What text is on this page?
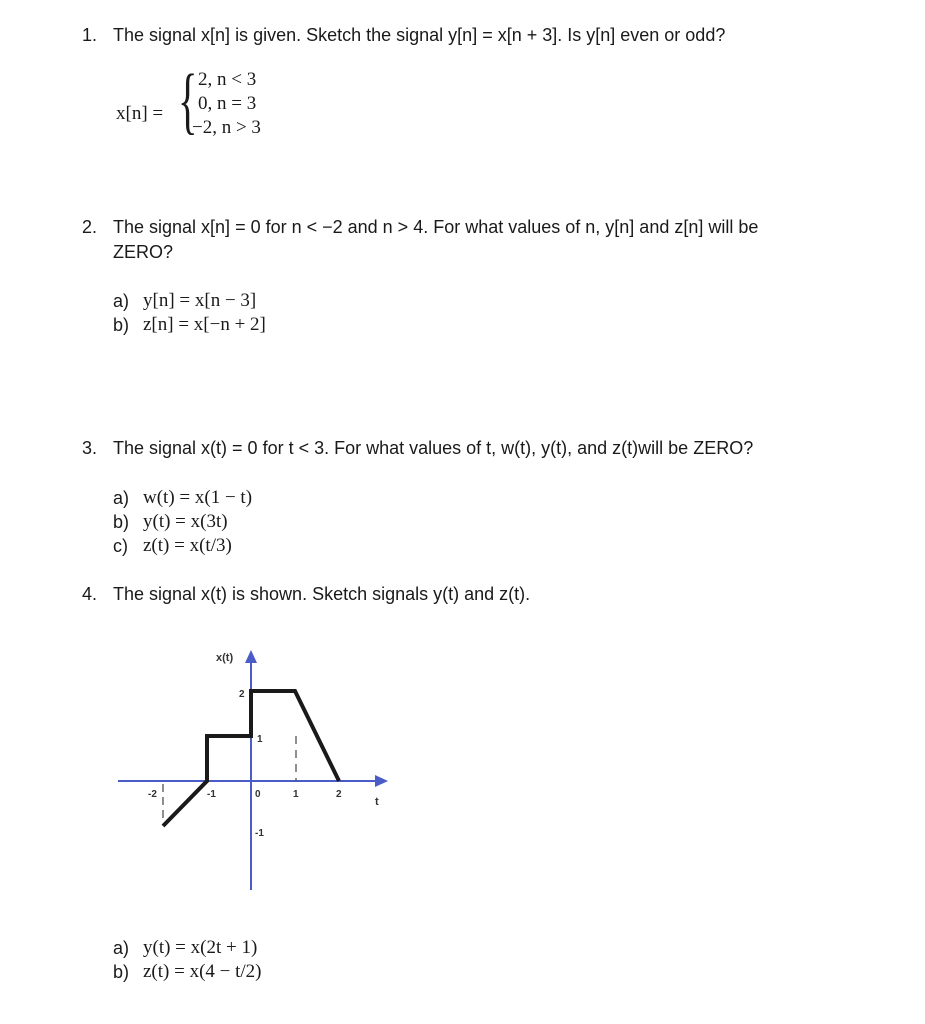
1. The signal x[n] is given. Sketch the signal y[n] = x[n + 3]. Is y[n] even or odd?
x[n] = { 2, n < 3
0, n = 3
−2, n > 3
2. The signal x[n] = 0 for n < −2 and n > 4. For what values of n, y[n] and z[n] will be
ZERO?
a) y[n] = x[n − 3]
b) z[n] = x[−n + 2]
3. The signal x(t) = 0 for t < 3. For what values of t, w(t), y(t), and z(t)will be ZERO?
a) w(t) = x(1 − t)
b) y(t) = x(3t)
c) z(t) = x(t/3)
4. The signal x(t) is shown. Sketch signals y(t) and z(t).
x(t)
t
-2	-1	0	1	2
2
1
-1
a) y(t) = x(2t + 1)
b) z(t) = x(4 − t/2)
